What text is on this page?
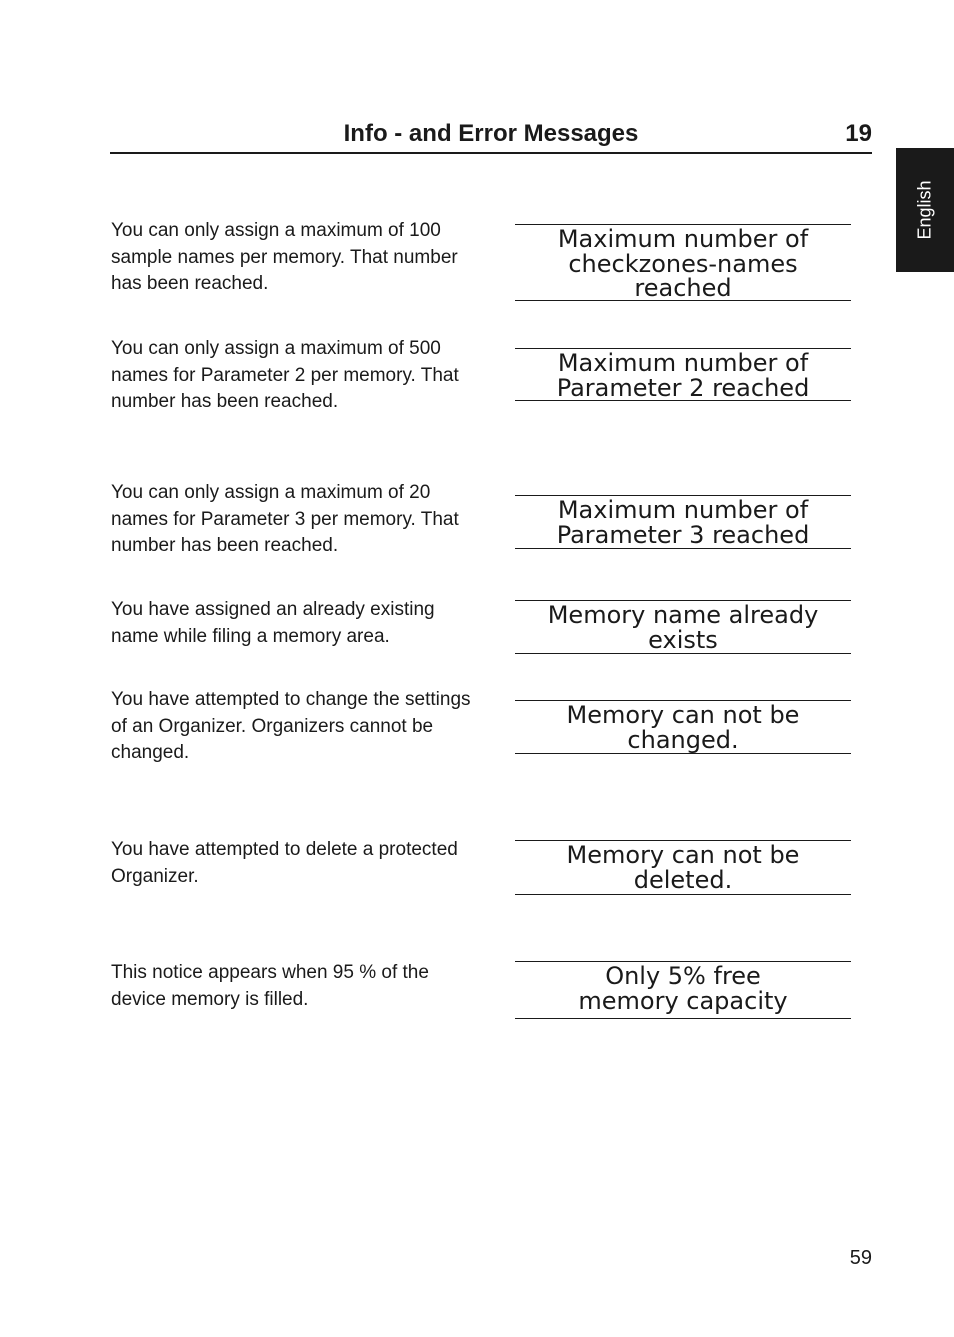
Info - and Error Messages	19
English
You can only assign a maximum of 100 sample names per memory. That number has been reached.
Maximum number of
checkzones-names
reached
You can only assign a maximum of 500 names for Parameter 2 per memory. That number has been reached.
Maximum number of
Parameter 2 reached
You can only assign a maximum of 20 names for Parameter 3 per memory. That number has been reached.
Maximum number of
Parameter 3 reached
You have assigned an already existing name while filing a memory area.
Memory name already
exists
You have attempted to change the settings of an Organizer. Organizers cannot be changed.
Memory can not be
changed.
You have attempted to delete a protected Organizer.
Memory can not be
deleted.
This notice appears when 95 % of the device memory is filled.
Only 5% free
memory capacity
59
